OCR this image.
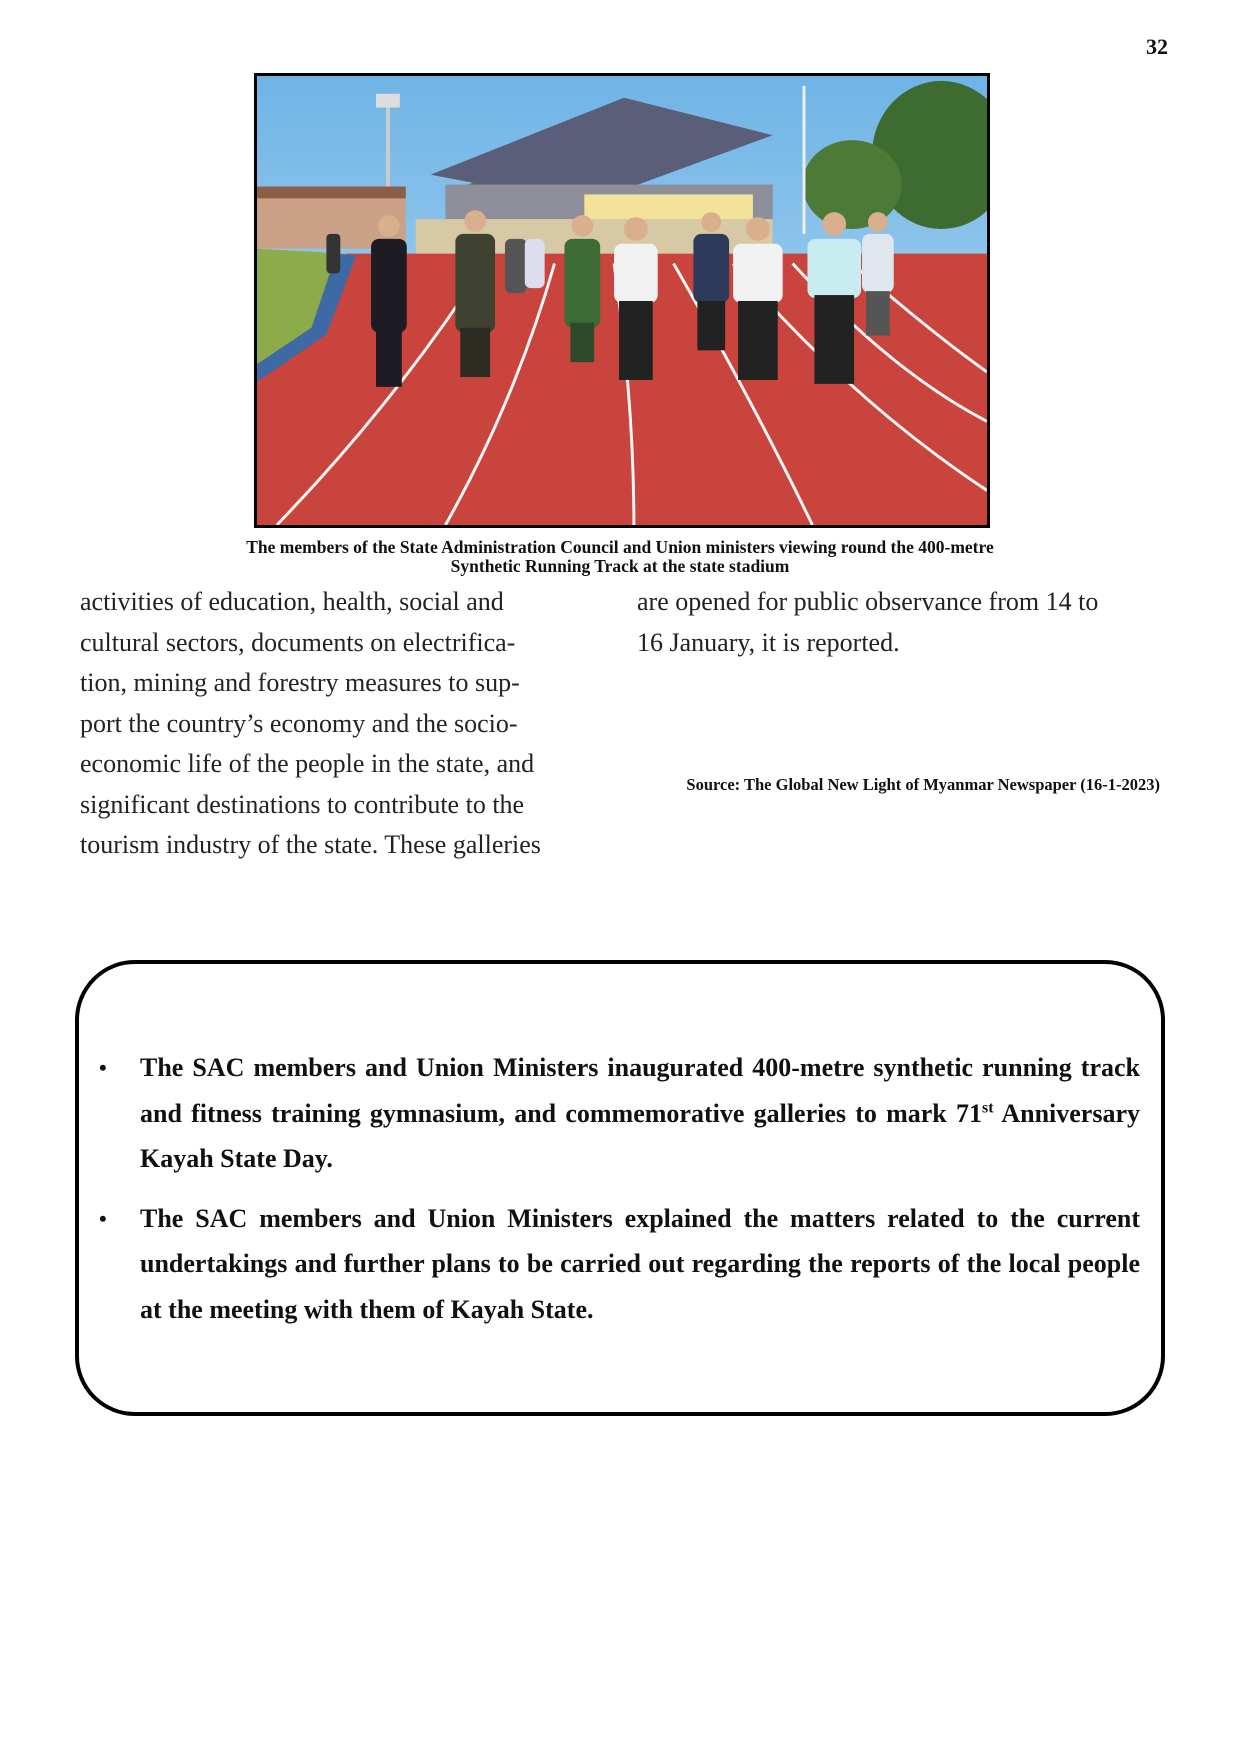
32
The members of the State Administration Council and Union ministers viewing round the 400-metre
Synthetic Running Track at the state stadium
activities of education, health, social and
cultural sectors, documents on electrifica-
tion, mining and forestry measures to sup-
port the country’s economy and the socio-
economic life of the people in the state, and
significant destinations to contribute to the
tourism industry of the state. These galleries
are opened for public observance from 14 to
16 January, it is reported.
Source: The Global New Light of Myanmar Newspaper (16-1-2023)
• The SAC members and Union Ministers inaugurated 400-metre synthetic running track and fitness training gymnasium, and commemorative galleries to mark 71st Anniversary Kayah State Day.
• The SAC members and Union Ministers explained the matters related to the current undertakings and further plans to be carried out regarding the reports of the local people at the meeting with them of Kayah State.
